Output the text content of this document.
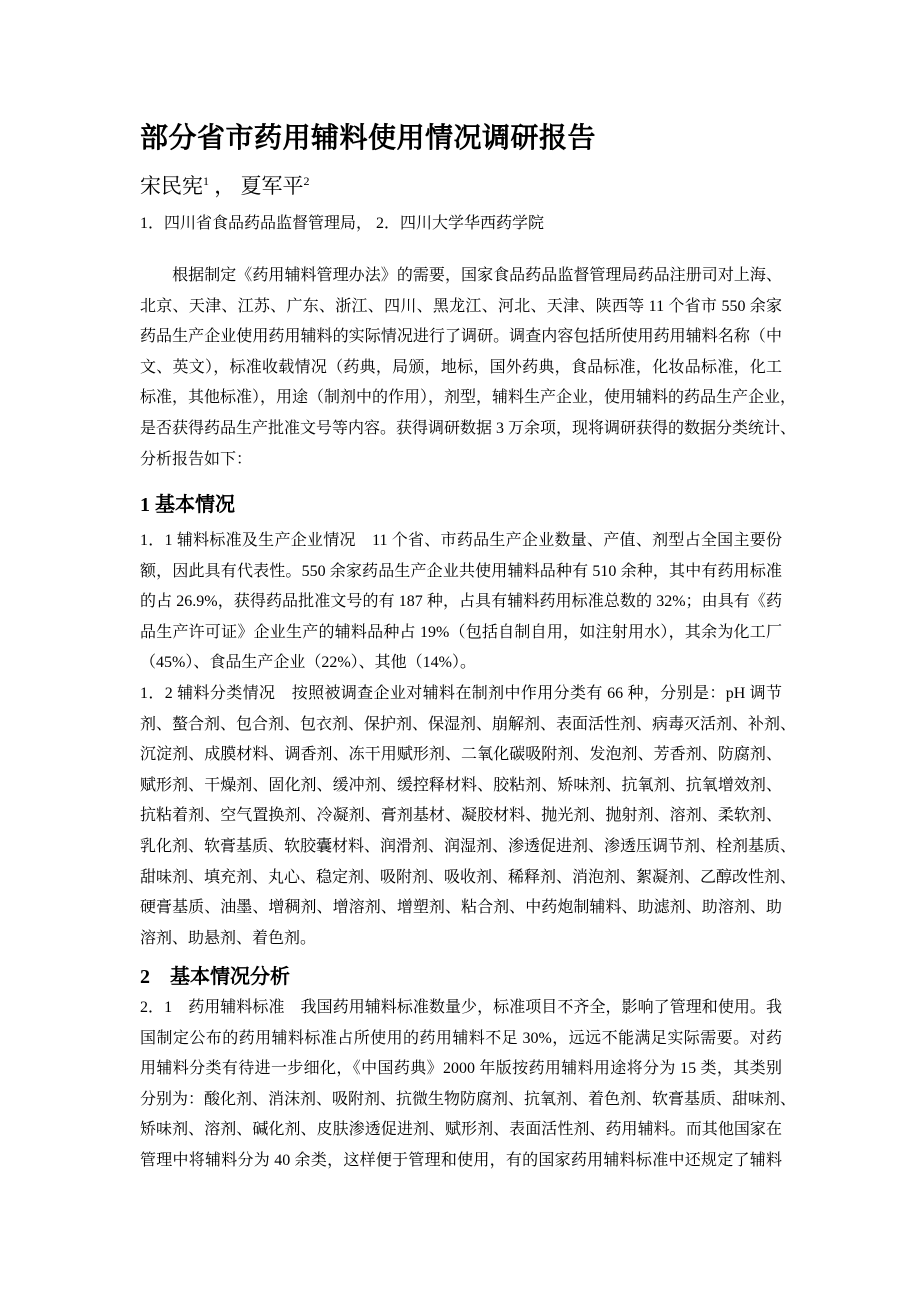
部分省市药用辅料使用情况调研报告
宋民宪$^1$ ， 夏军平$^2$
1．四川省食品药品监督管理局， 2．四川大学华西药学院
　　根据制定《药用辅料管理办法》的需要，国家食品药品监督管理局药品注册司对上海、
北京、天津、江苏、广东、浙江、四川、黑龙江、河北、天津、陕西等 11 个省市 550 余家
药品生产企业使用药用辅料的实际情况进行了调研。调查内容包括所使用药用辅料名称（中
文、英文），标准收载情况（药典，局颁，地标，国外药典，食品标准，化妆品标准，化工
标准，其他标准），用途（制剂中的作用），剂型，辅料生产企业，使用辅料的药品生产企业，
是否获得药品生产批准文号等内容。获得调研数据 3 万余项，现将调研获得的数据分类统计、
分析报告如下：
1 基本情况
1．1 辅料标准及生产企业情况　11 个省、市药品生产企业数量、产值、剂型占全国主要份
额，因此具有代表性。550 余家药品生产企业共使用辅料品种有 510 余种，其中有药用标准
的占 26.9%，获得药品批准文号的有 187 种，占具有辅料药用标准总数的 32%；由具有《药
品生产许可证》企业生产的辅料品种占 19%（包括自制自用，如注射用水），其余为化工厂
（45%）、食品生产企业（22%）、其他（14%）。
1．2 辅料分类情况　按照被调查企业对辅料在制剂中作用分类有 66 种，分别是：pH 调节
剂、螯合剂、包合剂、包衣剂、保护剂、保湿剂、崩解剂、表面活性剂、病毒灭活剂、补剂、
沉淀剂、成膜材料、调香剂、冻干用赋形剂、二氧化碳吸附剂、发泡剂、芳香剂、防腐剂、
赋形剂、干燥剂、固化剂、缓冲剂、缓控释材料、胶粘剂、矫味剂、抗氧剂、抗氧增效剂、
抗粘着剂、空气置换剂、冷凝剂、膏剂基材、凝胶材料、抛光剂、抛射剂、溶剂、柔软剂、
乳化剂、软膏基质、软胶囊材料、润滑剂、润湿剂、渗透促进剂、渗透压调节剂、栓剂基质、
甜味剂、填充剂、丸心、稳定剂、吸附剂、吸收剂、稀释剂、消泡剂、絮凝剂、乙醇改性剂、
硬膏基质、油墨、增稠剂、增溶剂、增塑剂、粘合剂、中药炮制辅料、助滤剂、助溶剂、助
溶剂、助悬剂、着色剂。
2　基本情况分析
2．1　药用辅料标准　我国药用辅料标准数量少，标准项目不齐全，影响了管理和使用。我
国制定公布的药用辅料标准占所使用的药用辅料不足 30%，远远不能满足实际需要。对药
用辅料分类有待进一步细化，《中国药典》2000 年版按药用辅料用途将分为 15 类，其类别
分别为：酸化剂、消沫剂、吸附剂、抗微生物防腐剂、抗氧剂、着色剂、软膏基质、甜味剂、
矫味剂、溶剂、碱化剂、皮肤渗透促进剂、赋形剂、表面活性剂、药用辅料。而其他国家在
管理中将辅料分为 40 余类，这样便于管理和使用，有的国家药用辅料标准中还规定了辅料
